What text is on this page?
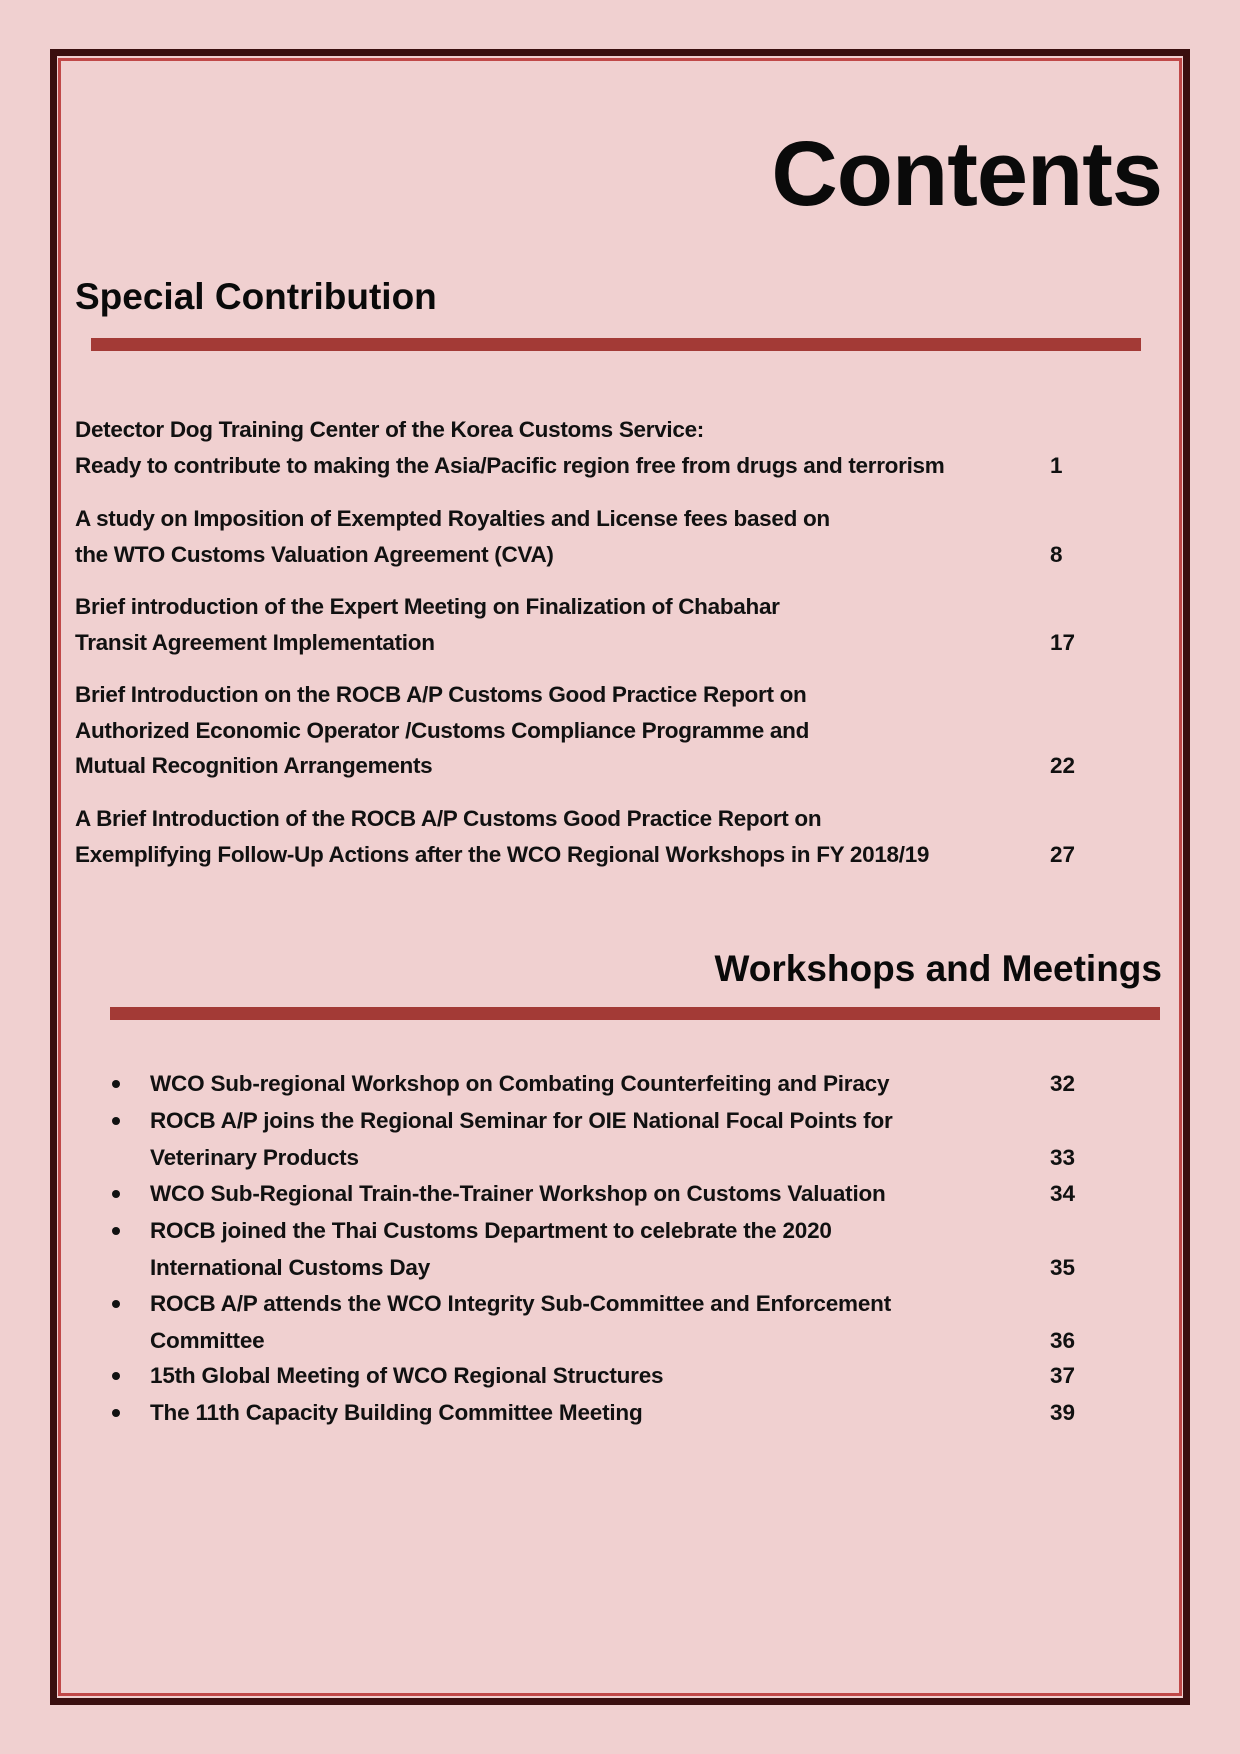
Contents
Special Contribution
Detector Dog Training Center of the Korea Customs Service:
Ready to contribute to making the Asia/Pacific region free from drugs and terrorism	1
A study on Imposition of Exempted Royalties and License fees based on
the WTO Customs Valuation Agreement (CVA)	8
Brief introduction of the Expert Meeting on Finalization of Chabahar
Transit Agreement Implementation	17
Brief Introduction on the ROCB A/P Customs Good Practice Report on
Authorized Economic Operator /Customs Compliance Programme and
Mutual Recognition Arrangements	22
A Brief Introduction of the ROCB A/P Customs Good Practice Report on
Exemplifying Follow-Up Actions after the WCO Regional Workshops in FY 2018/19	27
Workshops and Meetings
WCO Sub-regional Workshop on Combating Counterfeiting and Piracy	32
ROCB A/P joins the Regional Seminar for OIE National Focal Points for
Veterinary Products	33
WCO Sub-Regional Train-the-Trainer Workshop on Customs Valuation	34
ROCB joined the Thai Customs Department to celebrate the 2020
International Customs Day	35
ROCB A/P attends the WCO Integrity Sub-Committee and Enforcement
Committee	36
15th Global Meeting of WCO Regional Structures	37
The 11th Capacity Building Committee Meeting	39
